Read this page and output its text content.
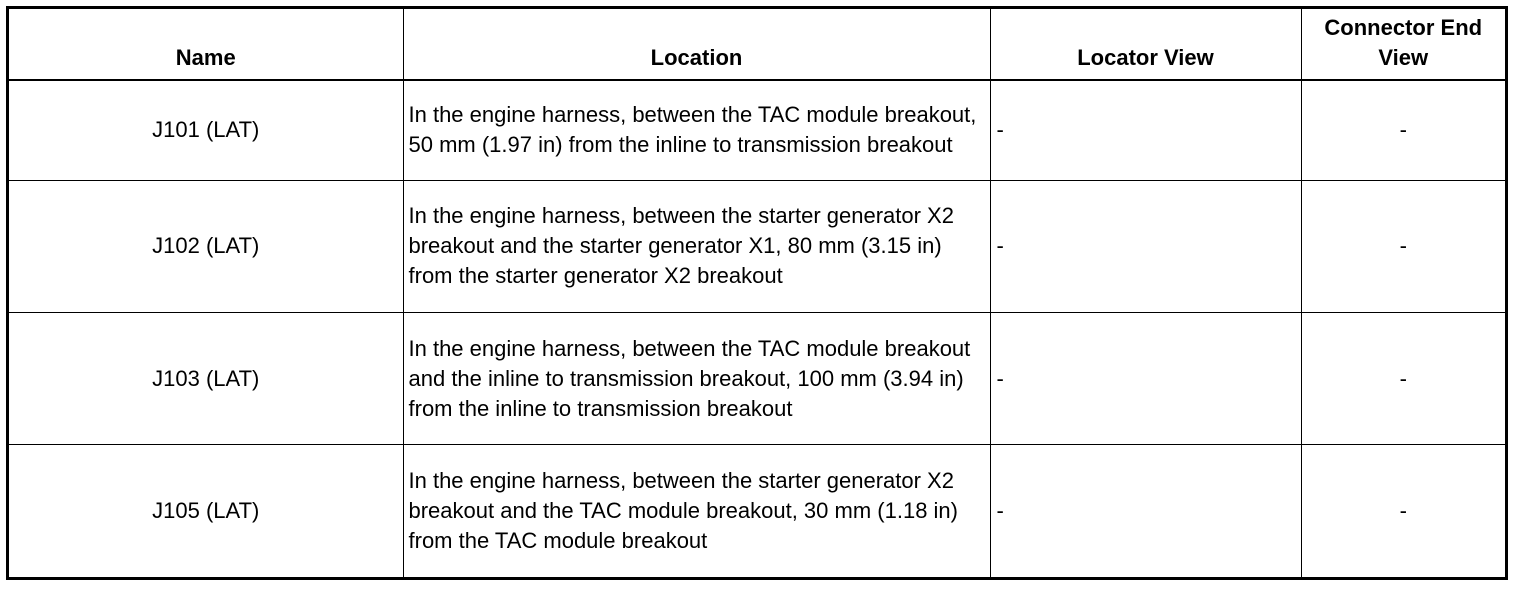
Name	Location	Locator View	Connector End
View
J101 (LAT)	In the engine harness, between the TAC module breakout, 50 mm (1.97 in) from the inline to transmission breakout	-	-
J102 (LAT)	In the engine harness, between the starter generator X2 breakout and the starter generator X1, 80 mm (3.15 in) from the starter generator X2 breakout	-	-
J103 (LAT)	In the engine harness, between the TAC module breakout and the inline to transmission breakout, 100 mm (3.94 in) from the inline to transmission breakout	-	-
J105 (LAT)	In the engine harness, between the starter generator X2 breakout and the TAC module breakout, 30 mm (1.18 in) from the TAC module breakout	-	-
